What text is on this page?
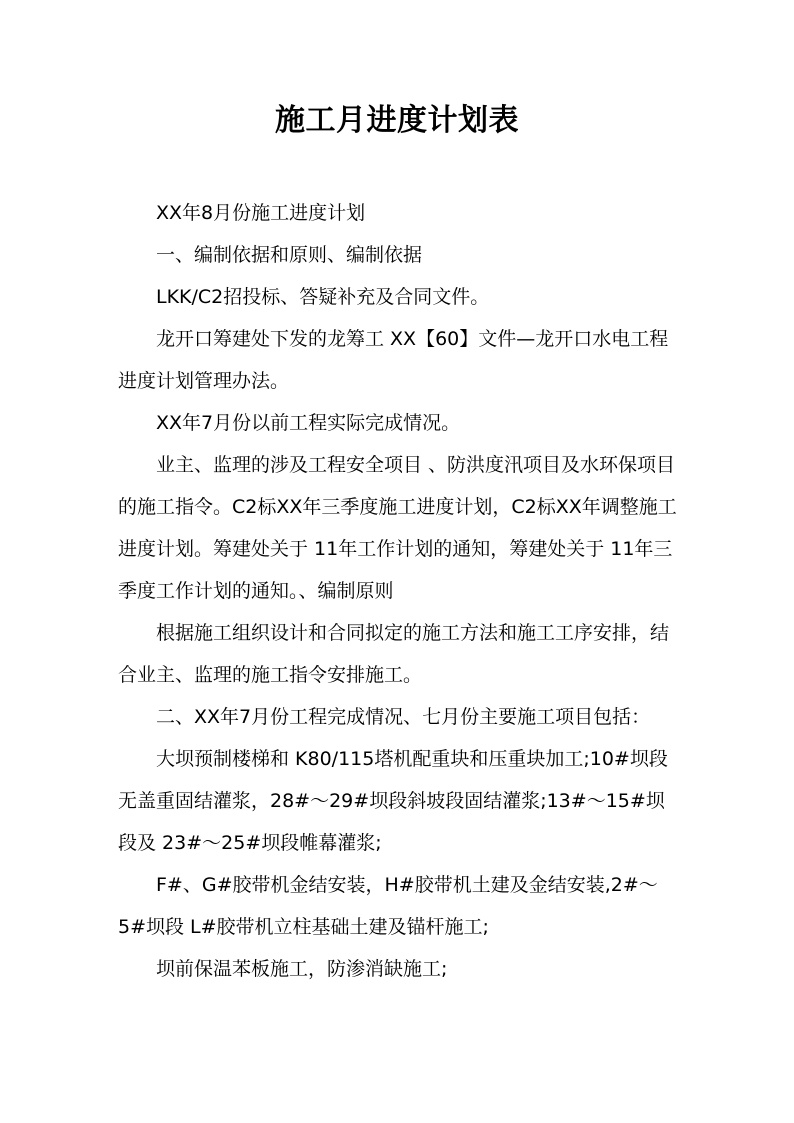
施工月进度计划表

XX年8月份施工进度计划

一、编制依据和原则、编制依据

LKK/C2招投标、答疑补充及合同文件。

龙开口筹建处下发的龙筹工 XX【60】文件—龙开口水电工程进度计划管理办法。

XX年7月份以前工程实际完成情况。

业主、监理的涉及工程安全项目 、防洪度汛项目及水环保项目的施工指令。C2标XX年三季度施工进度计划，C2标XX年调整施工进度计划。筹建处关于 11年工作计划的通知，筹建处关于 11年三季度工作计划的通知。、编制原则

根据施工组织设计和合同拟定的施工方法和施工工序安排，结合业主、监理的施工指令安排施工。

二、XX年7月份工程完成情况、七月份主要施工项目包括：

大坝预制楼梯和 K80/115塔机配重块和压重块加工;10#坝段无盖重固结灌浆，28#～29#坝段斜坡段固结灌浆;13#～15#坝段及 23#～25#坝段帷幕灌浆;

F#、G#胶带机金结安装，H#胶带机土建及金结安装,2#～5#坝段 L#胶带机立柱基础土建及锚杆施工;

坝前保温苯板施工，防渗消缺施工;
